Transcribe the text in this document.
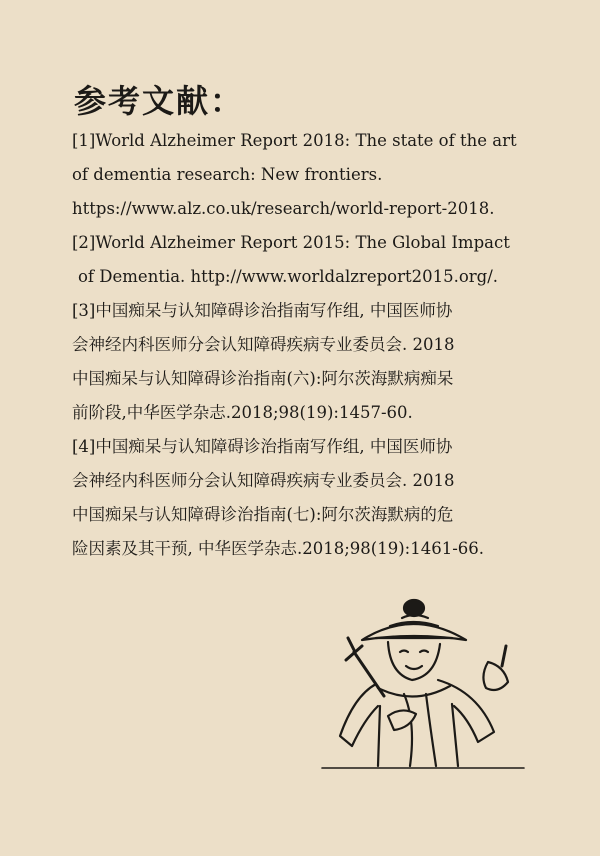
参考文献：
[1]World Alzheimer Report 2018: The state of the art
of dementia research: New frontiers.
https://www.alz.co.uk/research/world-report-2018.
[2]World Alzheimer Report 2015: The Global Impact
of Dementia. http://www.worldalzreport2015.org/.
[3]中国痴呆与认知障碍诊治指南写作组, 中国医师协
会神经内科医师分会认知障碍疾病专业委员会. 2018
中国痴呆与认知障碍诊治指南(六):阿尔茨海默病痴呆
前阶段,中华医学杂志.2018;98(19):1457-60.
[4]中国痴呆与认知障碍诊治指南写作组, 中国医师协
会神经内科医师分会认知障碍疾病专业委员会. 2018
中国痴呆与认知障碍诊治指南(七):阿尔茨海默病的危
险因素及其干预, 中华医学杂志.2018;98(19):1461-66.
